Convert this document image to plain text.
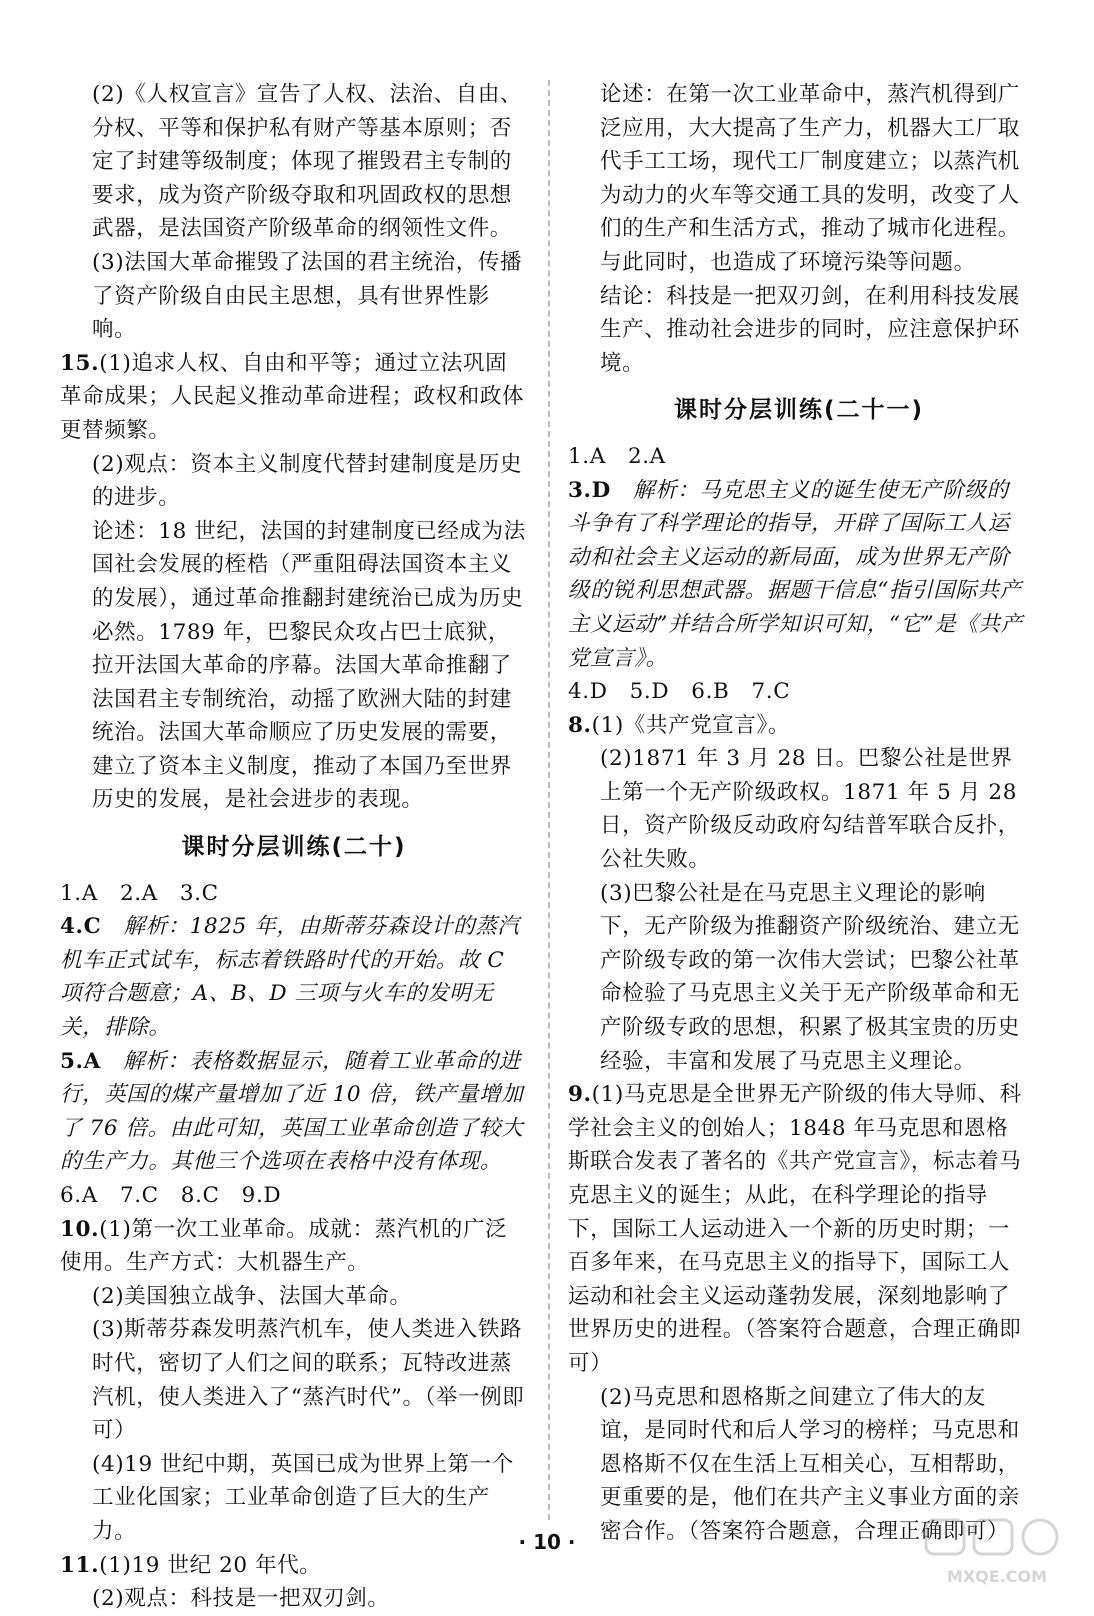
(2)《人权宣言》宣告了人权、法治、自由、分权、平等和保护私有财产等基本原则；否定了封建等级制度；体现了摧毁君主专制的要求，成为资产阶级夺取和巩固政权的思想武器，是法国资产阶级革命的纲领性文件。
(3)法国大革命摧毁了法国的君主统治，传播了资产阶级自由民主思想，具有世界性影响。
15.(1)追求人权、自由和平等；通过立法巩固革命成果；人民起义推动革命进程；政权和政体更替频繁。
(2)观点：资本主义制度代替封建制度是历史的进步。
论述：18 世纪，法国的封建制度已经成为法国社会发展的桎梏（严重阻碍法国资本主义的发展），通过革命推翻封建统治已成为历史必然。1789 年，巴黎民众攻占巴士底狱，拉开法国大革命的序幕。法国大革命推翻了法国君主专制统治，动摇了欧洲大陆的封建统治。法国大革命顺应了历史发展的需要，建立了资本主义制度，推动了本国乃至世界历史的发展，是社会进步的表现。
课时分层训练(二十)
1.A　2.A　3.C
4.C　 解析：1825 年，由斯蒂芬森设计的蒸汽机车正式试车，标志着铁路时代的开始。故 C 项符合题意；A、B、D 三项与火车的发明无关，排除。
5.A　 解析：表格数据显示，随着工业革命的进行，英国的煤产量增加了近 10 倍，铁产量增加了 76 倍。由此可知，英国工业革命创造了较大的生产力。其他三个选项在表格中没有体现。
6.A　7.C　8.C　9.D
10.(1)第一次工业革命。成就：蒸汽机的广泛使用。生产方式：大机器生产。
(2)美国独立战争、法国大革命。
(3)斯蒂芬森发明蒸汽机车，使人类进入铁路时代，密切了人们之间的联系；瓦特改进蒸汽机，使人类进入了“蒸汽时代”。（举一例即可）
(4)19 世纪中期，英国已成为世界上第一个工业化国家；工业革命创造了巨大的生产力。
11.(1)19 世纪 20 年代。
(2)观点：科技是一把双刃剑。
论述：在第一次工业革命中，蒸汽机得到广泛应用，大大提高了生产力，机器大工厂取代手工工场，现代工厂制度建立；以蒸汽机为动力的火车等交通工具的发明，改变了人们的生产和生活方式，推动了城市化进程。与此同时，也造成了环境污染等问题。
结论：科技是一把双刃剑，在利用科技发展生产、推动社会进步的同时，应注意保护环境。
课时分层训练(二十一)
1.A　2.A
3.D　 解析：马克思主义的诞生使无产阶级的斗争有了科学理论的指导，开辟了国际工人运动和社会主义运动的新局面，成为世界无产阶级的锐利思想武器。据题干信息“指引国际共产主义运动”并结合所学知识可知，“它”是《共产党宣言》。
4.D　5.D　6.B　7.C
8.(1)《共产党宣言》。
(2)1871 年 3 月 28 日。巴黎公社是世界上第一个无产阶级政权。1871 年 5 月 28 日，资产阶级反动政府勾结普军联合反扑，公社失败。
(3)巴黎公社是在马克思主义理论的影响下，无产阶级为推翻资产阶级统治、建立无产阶级专政的第一次伟大尝试；巴黎公社革命检验了马克思主义关于无产阶级革命和无产阶级专政的思想，积累了极其宝贵的历史经验，丰富和发展了马克思主义理论。
9.(1)马克思是全世界无产阶级的伟大导师、科学社会主义的创始人；1848 年马克思和恩格斯联合发表了著名的《共产党宣言》，标志着马克思主义的诞生；从此，在科学理论的指导下，国际工人运动进入一个新的历史时期；一百多年来，在马克思主义的指导下，国际工人运动和社会主义运动蓬勃发展，深刻地影响了世界历史的进程。（答案符合题意，合理正确即可）
(2)马克思和恩格斯之间建立了伟大的友谊，是同时代和后人学习的榜样；马克思和恩格斯不仅在生活上互相关心，互相帮助，更重要的是，他们在共产主义事业方面的亲密合作。（答案符合题意，合理正确即可）
· 10 ·
MXQE.COM
